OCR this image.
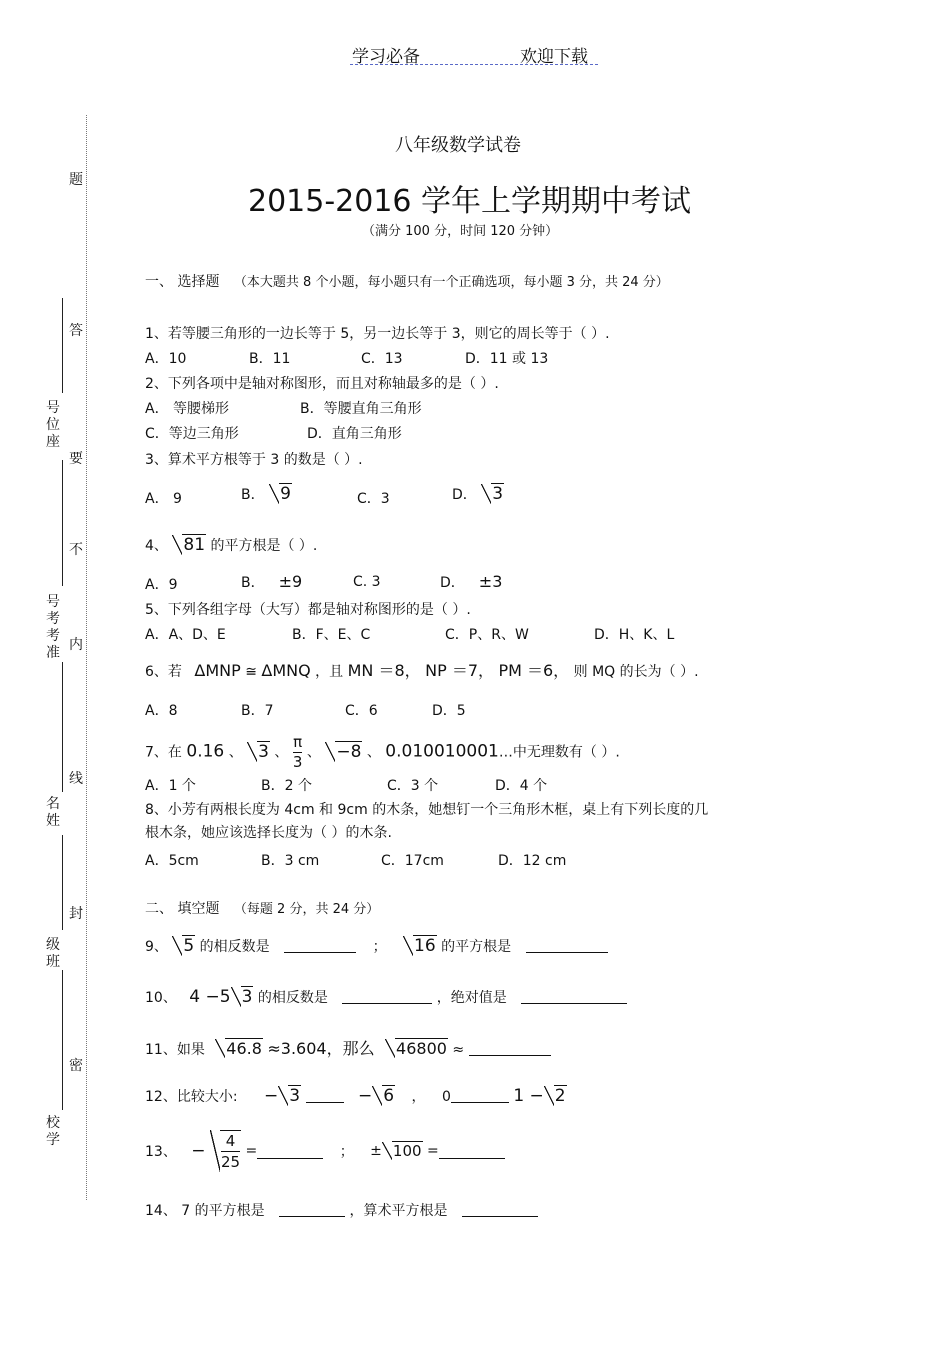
学习必备	欢迎下载
题
答
要
不
内
线
封
密
号位座
号考考准
名姓
级班
校学
八年级数学试卷
2015-2016 学年上学期期中考试
（满分 100 分，时间 120 分钟）
一、 选择题 （本大题共 8 个小题，每小题只有一个正确选项，每小题 3 分，共 24 分）
1、若等腰三角形的一边长等于 5，另一边长等于 3，则它的周长等于（ ）.
A．10	B．11	C．13	D．11 或 13
2、下列各项中是轴对称图形，而且对称轴最多的是（ ）.
A． 等腰梯形	B．等腰直角三角形
C．等边三角形	D．直角三角形
3、算术平方根等于 3 的数是（ ）.
A． 9	B． 9	C．3	D． 3
4、 81 的平方根是（ ）.
A．9	B． ±9	C. 3	D． ±3
5、下列各组字母（大写）都是轴对称图形的是（ ）.
A．A、D、E	B．F、E、C	C．P、R、W	D．H、K、L
6、若 ΔMNP ≅ ΔMNQ ，且 MN ＝8， NP ＝7， PM ＝6， 则 MQ 的长为（ ）.
A．8	B．7	C．6	D．5
7、在 0.16 、 3 、 $\frac{\pi}{3}$ 、 −8 、 0.010010001…中无理数有（ ）.
A．1 个	B．2 个	C．3 个	D．4 个
8、小芳有两根长度为 4cm 和 9cm 的木条，她想钉一个三角形木框，桌上有下列长度的几
根木条，她应该选择长度为（ ）的木条.
A．5cm	B．3 cm	C．17cm	D．12 cm
二、 填空题 （每题 2 分，共 24 分）
9、 5 的相反数是	； 16 的平方根是
10、 4 −5 3 的相反数是	，绝对值是
11、如果 46.8 ≈3.604，那么 46800 ≈
12、比较大小: − 3	− 6 ， 0	1 − 2
13、 − $\frac{4}{25}$ =	； ± 100 =
14、 7 的平方根是	，算术平方根是
